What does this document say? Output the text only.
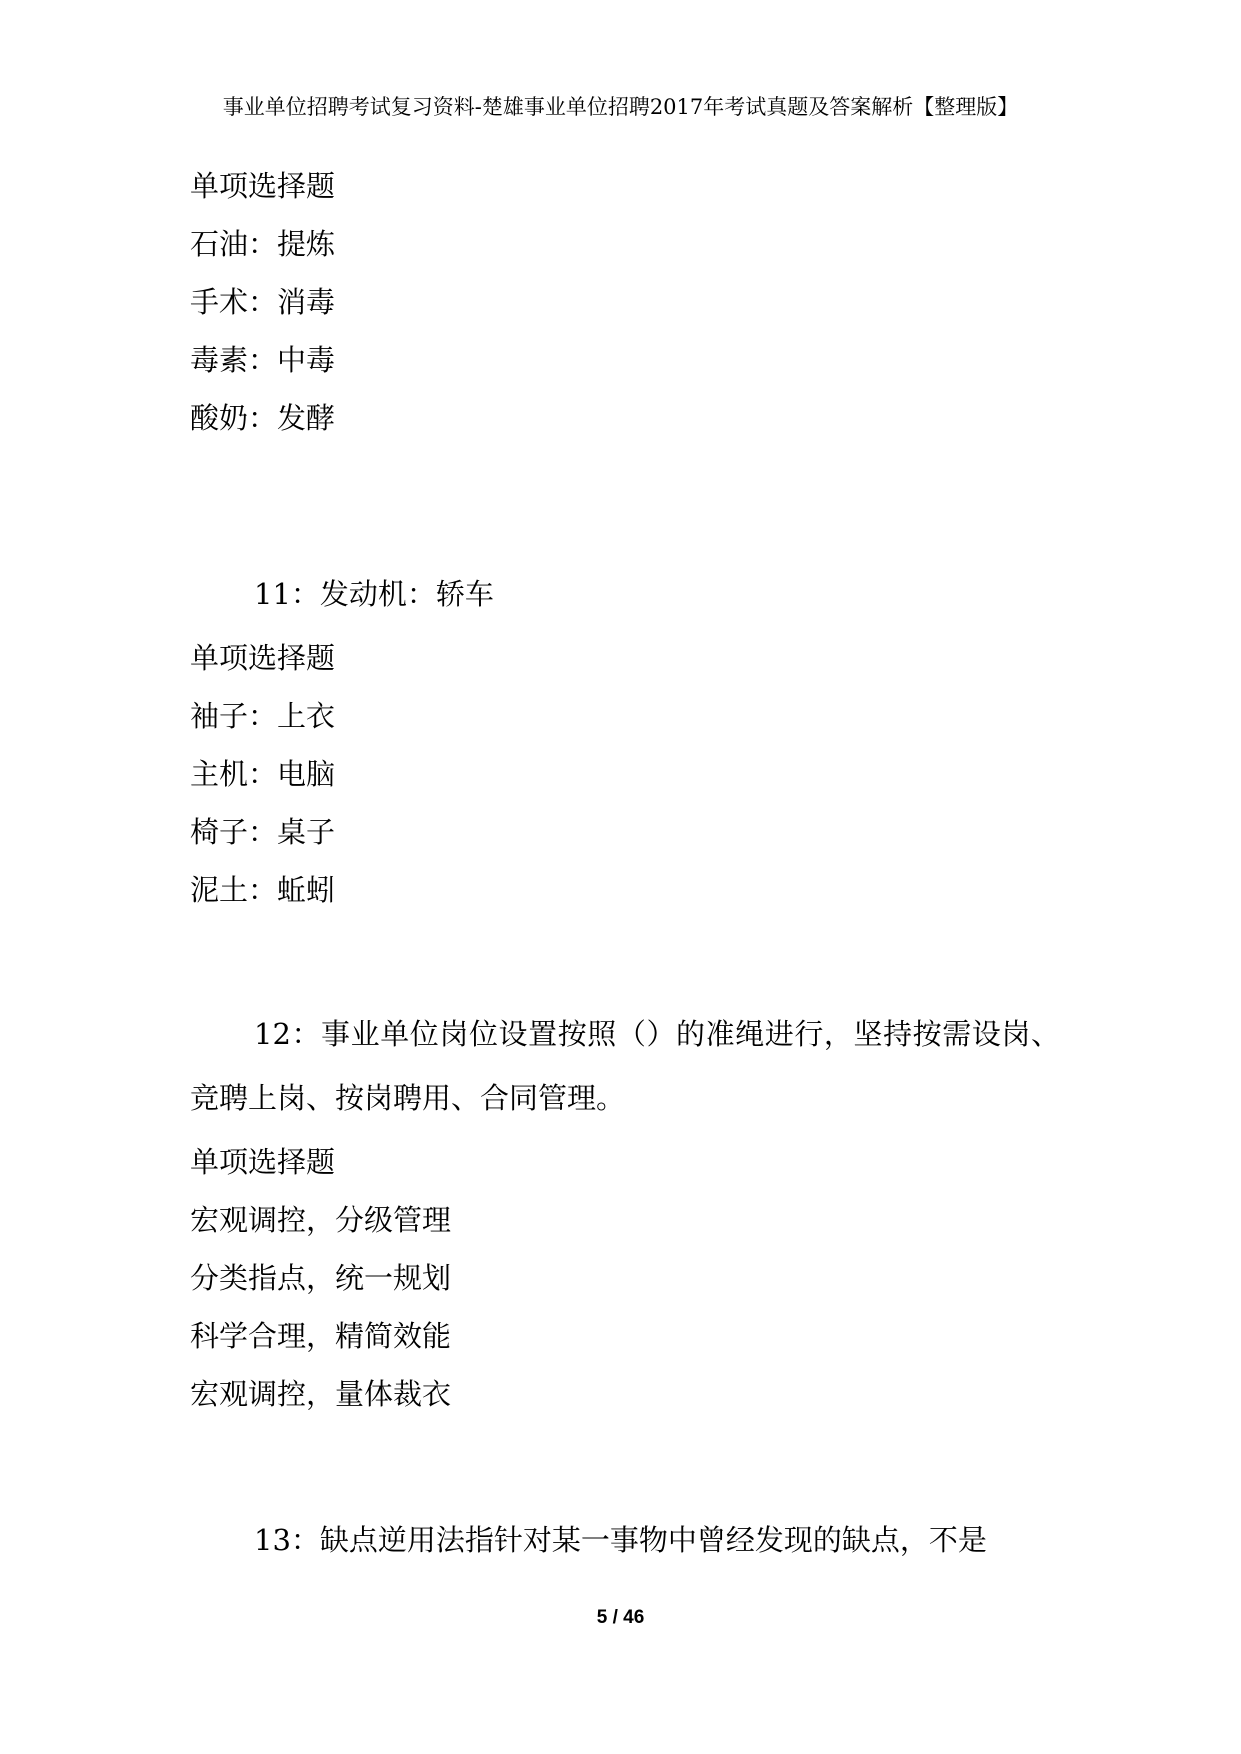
事业单位招聘考试复习资料-楚雄事业单位招聘2017年考试真题及答案解析【整理版】
单项选择题
石油：提炼
手术：消毒
毒素：中毒
酸奶：发酵
11：发动机：轿车
单项选择题
袖子：上衣
主机：电脑
椅子：桌子
泥土：蚯蚓
12：事业单位岗位设置按照（）的准绳进行，坚持按需设岗、竞聘上岗、按岗聘用、合同管理。
单项选择题
宏观调控，分级管理
分类指点，统一规划
科学合理，精简效能
宏观调控，量体裁衣
13：缺点逆用法指针对某一事物中曾经发现的缺点，不是
5 / 46
